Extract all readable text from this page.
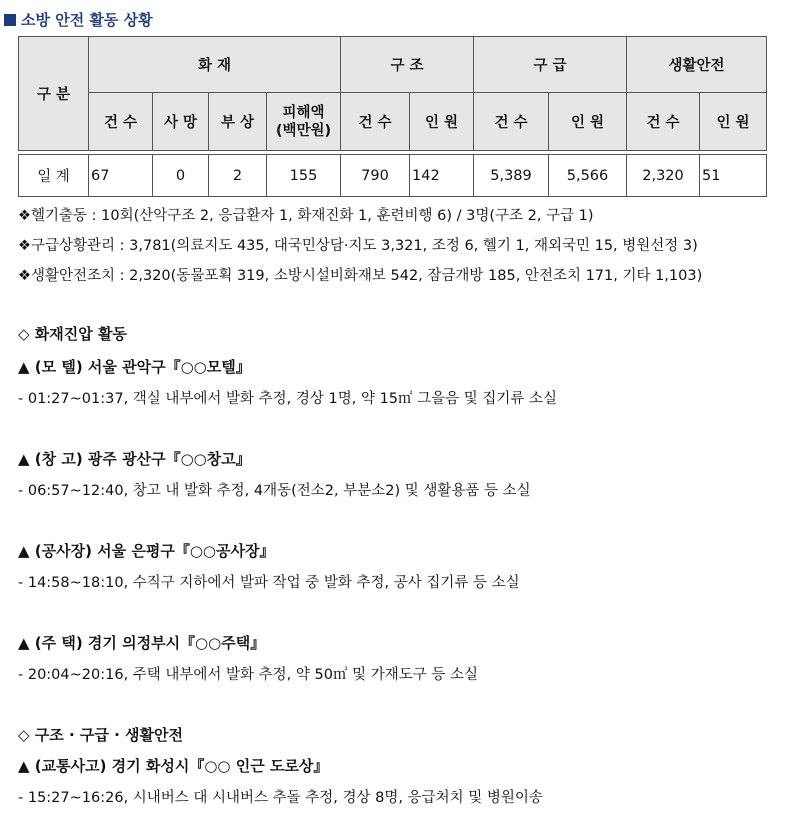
소방 안전 활동 상황
구 분	화 재				구 조		구 급		생활안전	
	건 수	사 망	부 상	피해액
(백만원)	건 수	인 원	건 수	인 원	건 수	인 원

일 계	67	0	2	155	790	142	5,389	5,566	2,320	51
❖헬기출동 : 10회(산악구조 2, 응급환자 1, 화재진화 1, 훈련비행 6) / 3명(구조 2, 구급 1)
❖구급상황관리 : 3,781(의료지도 435, 대국민상담·지도 3,321, 조정 6, 헬기 1, 재외국민 15, 병원선정 3)
❖생활안전조치 : 2,320(동물포획 319, 소방시설비화재보 542, 잠금개방 185, 안전조치 171, 기타 1,103)
◇ 화재진압 활동
▲ (모 텔) 서울 관악구『○○모텔』
- 01:27~01:37, 객실 내부에서 발화 추정, 경상 1명, 약 15㎡ 그을음 및 집기류 소실
▲ (창 고) 광주 광산구『○○창고』
- 06:57~12:40, 창고 내 발화 추정, 4개동(전소2, 부분소2) 및 생활용품 등 소실
▲ (공사장) 서울 은평구『○○공사장』
- 14:58~18:10, 수직구 지하에서 발파 작업 중 발화 추정, 공사 집기류 등 소실
▲ (주 택) 경기 의정부시『○○주택』
- 20:04~20:16, 주택 내부에서 발화 추정, 약 50㎡ 및 가재도구 등 소실
◇ 구조 · 구급 · 생활안전
▲ (교통사고) 경기 화성시『○○ 인근 도로상』
- 15:27~16:26, 시내버스 대 시내버스 추돌 추정, 경상 8명, 응급처치 및 병원이송
